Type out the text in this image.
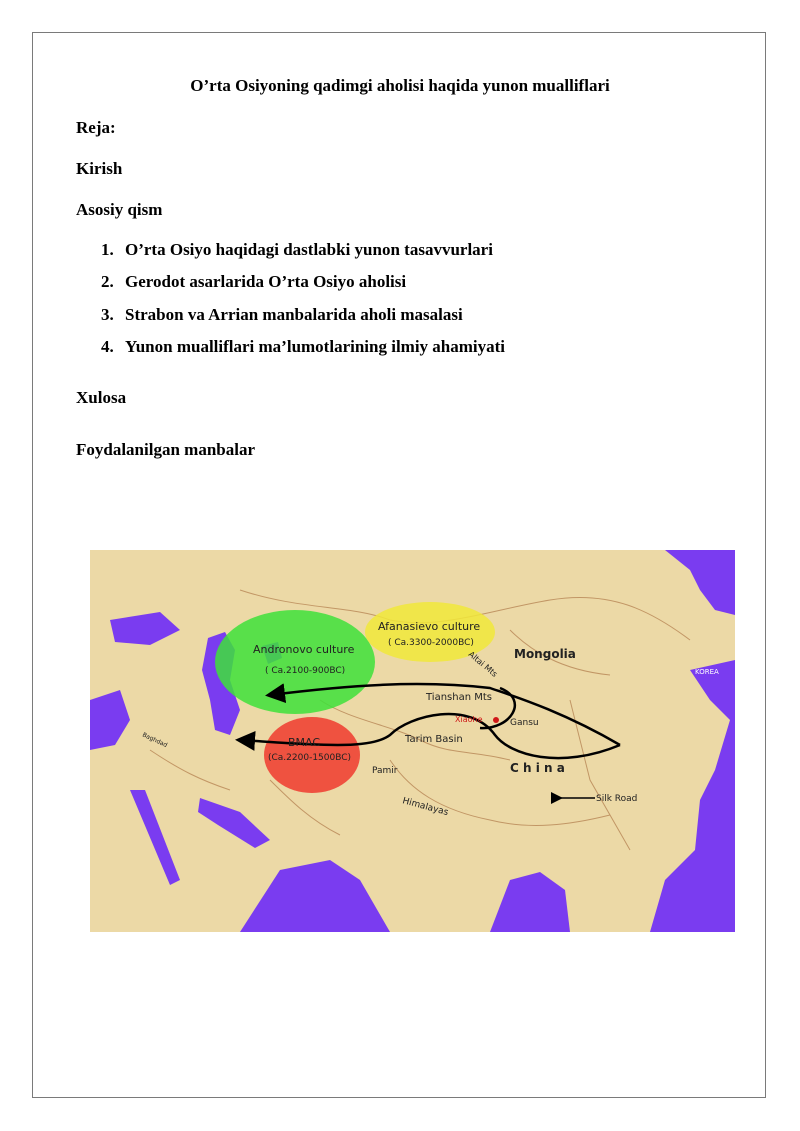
O’rta Osiyoning qadimgi aholisi haqida yunon mualliflari
Reja:
Kirish
Asosiy qism
1. O’rta Osiyo haqidagi dastlabki yunon tasavvurlari
2. Gerodot asarlarida O’rta Osiyo aholisi
3. Strabon va Arrian manbalarida aholi masalasi
4. Yunon mualliflari ma’lumotlarining ilmiy ahamiyati
Xulosa
Foydalanilgan manbalar
Andronovo culture
( Ca.2100-900BC)
Afanasievo culture
( Ca.3300-2000BC)
BMAC
(Ca.2200-1500BC)
Mongolia
KOREA
Altai Mts
Tianshan Mts
Xiaohe	Gansu
Tarim Basin
C h i n a
Pamir
Himalayas	Silk Road
Baghdad
